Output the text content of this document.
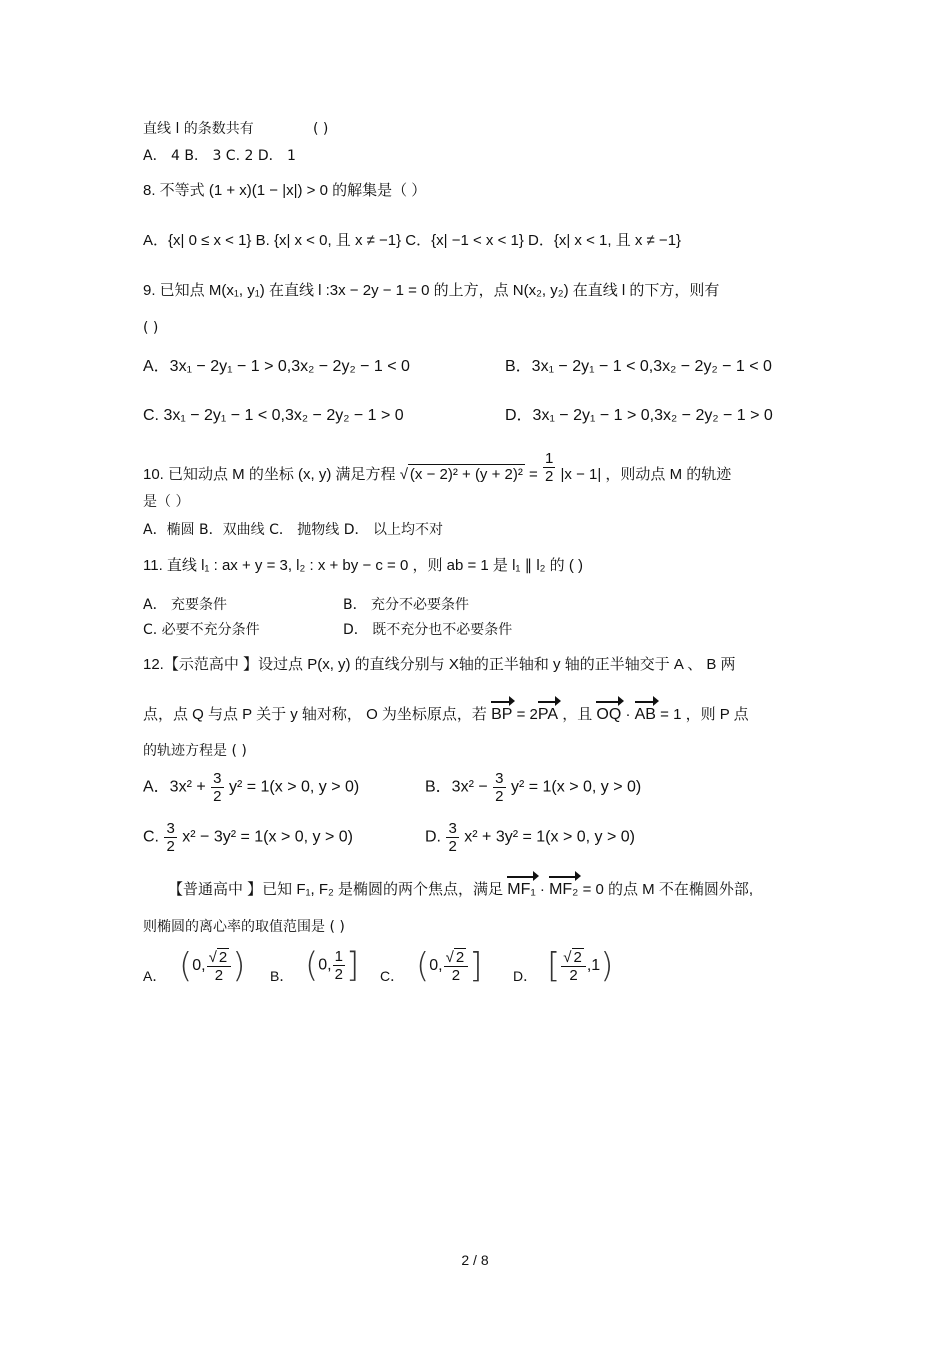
直线 l 的条数共有	( )
A． 4 B． 3 C. 2 D． 1
8. 不等式 (1 + x)(1 − |x|) > 0 的解集是（ ）
A．{x| 0 ≤ x < 1} B. {x| x < 0, 且 x ≠ −1} C．{x| −1 < x < 1} D．{x| x < 1, 且 x ≠ −1}
9. 已知点 M(x₁, y₁) 在直线 l :3x − 2y − 1 = 0 的上方，点 N(x₂, y₂) 在直线 l 的下方，则有
( )
A．3x₁ − 2y₁ − 1 > 0,3x₂ − 2y₂ − 1 < 0	B．3x₁ − 2y₁ − 1 < 0,3x₂ − 2y₂ − 1 < 0
C. 3x₁ − 2y₁ − 1 < 0,3x₂ − 2y₂ − 1 > 0	D．3x₁ − 2y₁ − 1 > 0,3x₂ − 2y₂ − 1 > 0
10. 已知动点 M 的坐标 (x, y) 满足方程 √ $(x - 2)^2 + (y + 2)^2 = \frac{1}{2} |x - 1|$ ，则动点 M 的轨迹
是（ ）
A．椭圆 B．双曲线 C． 抛物线 D． 以上均不对
11. 直线 l₁ : ax + y = 3, l₂ : x + by − c = 0 ，则 ab = 1 是 l₁ ∥ l₂ 的 ( )
A． 充要条件	B． 充分不必要条件
C. 必要不充分条件	D． 既不充分也不必要条件
12.【示范高中 】设过点 P(x, y) 的直线分别与 X轴的正半轴和 y 轴的正半轴交于 A 、 B 两
点，点 Q 与点 P 关于 y 轴对称， O 为坐标原点，若 BP = 2PA ，且 OQ · AB = 1 ，则 P 点
的轨迹方程是 ( )
A．$3x^2 + \frac{3}{2} y^2 = 1(x > 0$, y > 0)	B．$3x^2 - \frac{3}{2} y^2 = 1(x > 0$, y > 0)
C. $\frac{3}{2} x^2 - 3y^2 = 1(x > 0$, y > 0)	D. $\frac{3}{2} x^2 + 3y^2 = 1(x > 0$, y > 0)
【普通高中 】已知 F₁, F₂ 是椭圆的两个焦点，满足 MF₁ · MF₂ = 0 的点 M 不在椭圆外部,
则椭圆的离心率的取值范围是 ( )
A． (0, $\frac{√ 2}{2}$ ) B． (0, $\frac{1}{2}$ ] C． (0, $\frac{√ 2}{2}$ ] D． [ $\frac{√ 2}{2} ,1$)
2 / 8
